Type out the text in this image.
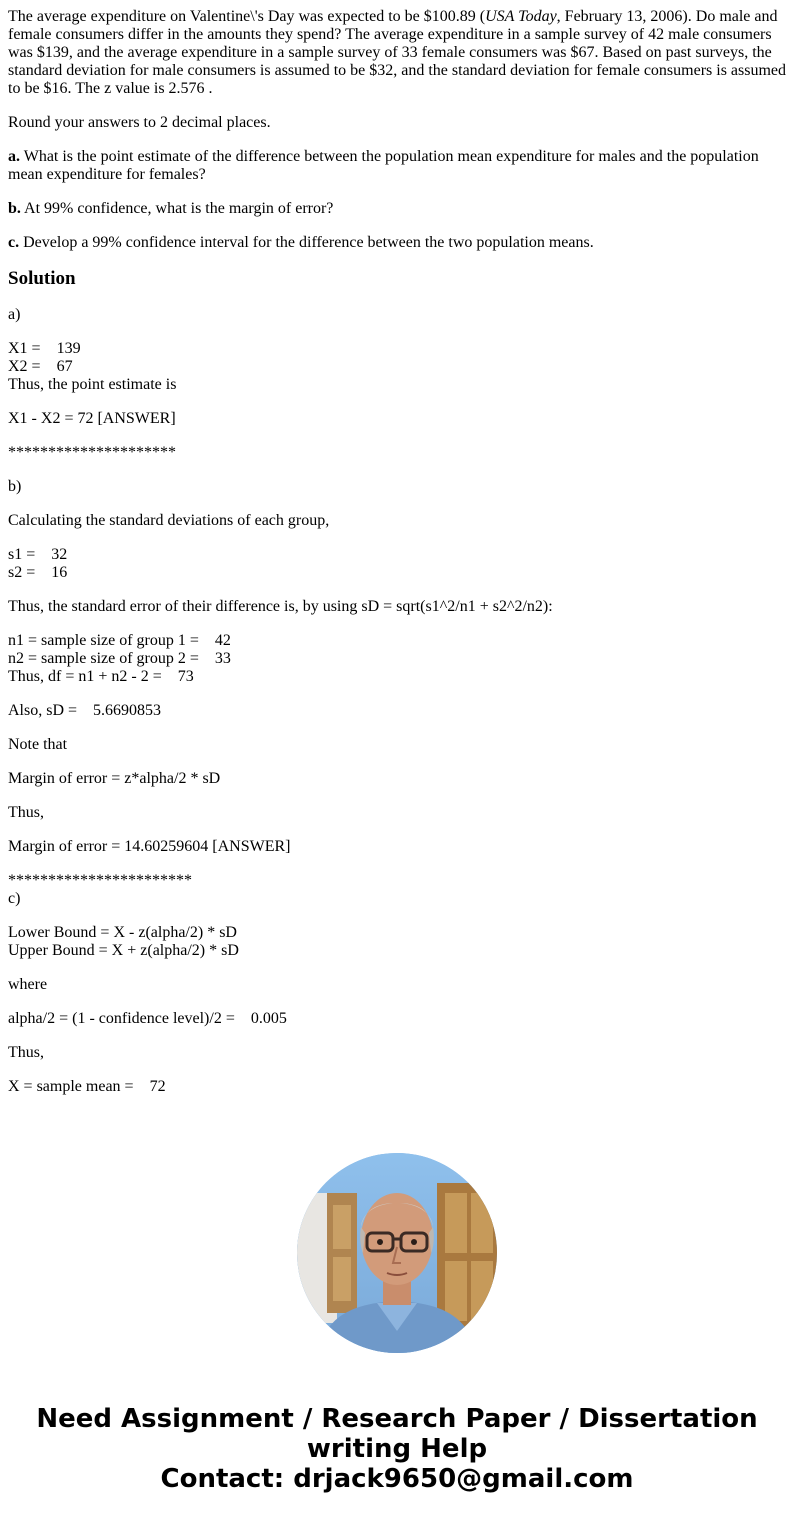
The average expenditure on Valentine\'s Day was expected to be $100.89 (USA Today, February 13, 2006). Do male and female consumers differ in the amounts they spend? The average expenditure in a sample survey of 42 male consumers was $139, and the average expenditure in a sample survey of 33 female consumers was $67. Based on past surveys, the standard deviation for male consumers is assumed to be $32, and the standard deviation for female consumers is assumed to be $16. The z value is 2.576 .

Round your answers to 2 decimal places.

a. What is the point estimate of the difference between the population mean expenditure for males and the population mean expenditure for females?

b. At 99% confidence, what is the margin of error?

c. Develop a 99% confidence interval for the difference between the two population means.

Solution
a)
X1 =    139
X2 =    67
Thus, the point estimate is
X1 - X2 = 72 [ANSWER]
*********************
b)
Calculating the standard deviations of each group,
s1 =    32
s2 =    16
Thus, the standard error of their difference is, by using sD = sqrt(s1^2/n1 + s2^2/n2):
n1 = sample size of group 1 =    42
n2 = sample size of group 2 =    33
Thus, df = n1 + n2 - 2 =    73
Also, sD =    5.6690853
Note that
Margin of error = z*alpha/2 * sD
Thus,
Margin of error = 14.60259604 [ANSWER]
***********************
c)
Lower Bound = X - z(alpha/2) * sD
Upper Bound = X + z(alpha/2) * sD
where
alpha/2 = (1 - confidence level)/2 =    0.005
Thus,
X = sample mean =    72
Need Assignment / Research Paper / Dissertation
writing Help
Contact: drjack9650@gmail.com
